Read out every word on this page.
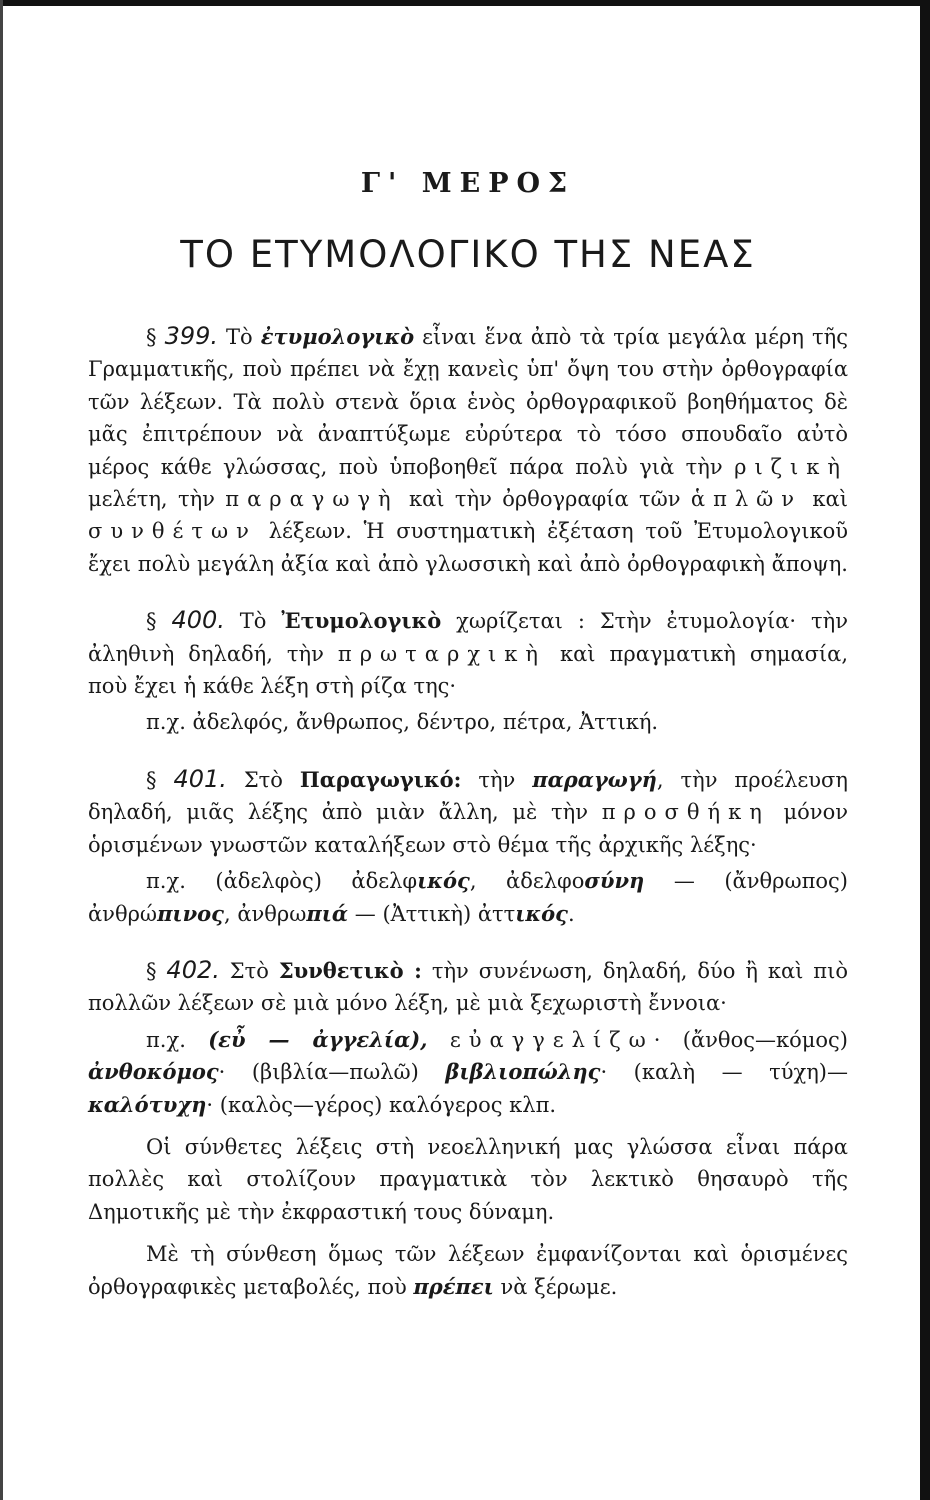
Γ' ΜΕΡΟΣ
ΤΟ ΕΤΥΜΟΛΟΓΙΚΟ ΤΗΣ ΝΕΑΣ

§ 399. Τὸ ἐτυμολογικὸ εἶναι ἕνα ἀπὸ τὰ τρία μεγάλα μέρη τῆς Γραμματικῆς, ποὺ πρέπει νὰ ἔχῃ κανεὶς ὑπ' ὄψη του στὴν ὀρθογραφία τῶν λέξεων. Τὰ πολὺ στενὰ ὅρια ἑνὸς ὀρθογραφικοῦ βοηθήματος δὲ μᾶς ἐπιτρέπουν νὰ ἀναπτύξωμε εὐρύτερα τὸ τόσο σπουδαῖο αὐτὸ μέρος κάθε γλώσσας, ποὺ ὑποβοηθεῖ πάρα πολὺ γιὰ τὴν ριζικὴ μελέτη, τὴν παραγωγὴ καὶ τὴν ὀρθογραφία τῶν ἁπλῶν καὶ συνθέτων λέξεων. Ἡ συστηματικὴ ἐξέταση τοῦ Ἐτυμολογικοῦ ἔχει πολὺ μεγάλη ἀξία καὶ ἀπὸ γλωσσικὴ καὶ ἀπὸ ὀρθογραφικὴ ἄποψη.

§ 400. Τὸ Ἐτυμολογικὸ χωρίζεται : Στὴν ἐτυμολογία· τὴν ἀληθινὴ δηλαδή, τὴν πρωταρχικὴ καὶ πραγματικὴ σημασία, ποὺ ἔχει ἡ κάθε λέξη στὴ ρίζα της·

π.χ. ἀδελφός, ἄνθρωπος, δέντρο, πέτρα, Ἀττική.

§ 401. Στὸ Παραγωγικό: τὴν παραγωγή, τὴν προέλευση δηλαδή, μιᾶς λέξης ἀπὸ μιὰν ἄλλη, μὲ τὴν προσθήκη μόνον ὁρισμένων γνωστῶν καταλήξεων στὸ θέμα τῆς ἀρχικῆς λέξης·

π.χ. (ἀδελφὸς) ἀδελφικός, ἀδελφοσύνη — (ἄνθρωπος) ἀνθρώπινος, ἀνθρωπιά — (Ἀττικὴ) ἀττικός.

§ 402. Στὸ Συνθετικὸ : τὴν συνένωση, δηλαδή, δύο ἢ καὶ πιὸ πολλῶν λέξεων σὲ μιὰ μόνο λέξη, μὲ μιὰ ξεχωριστὴ ἔννοια·

π.χ. (εὖ — ἀγγελία), εὐαγγελίζω· (ἄνθος—κόμος) ἀνθοκόμος· (βιβλία—πωλῶ) βιβλιοπώλης· (καλὴ — τύχη)— καλότυχη· (καλὸς—γέρος) καλόγερος κλπ.

Οἱ σύνθετες λέξεις στὴ νεοελληνική μας γλώσσα εἶναι πάρα πολλὲς καὶ στολίζουν πραγματικὰ τὸν λεκτικὸ θησαυρὸ τῆς Δημοτικῆς μὲ τὴν ἐκφραστική τους δύναμη.

Μὲ τὴ σύνθεση ὅμως τῶν λέξεων ἐμφανίζονται καὶ ὁρισμένες ὀρθογραφικὲς μεταβολές, ποὺ πρέπει νὰ ξέρωμε.
